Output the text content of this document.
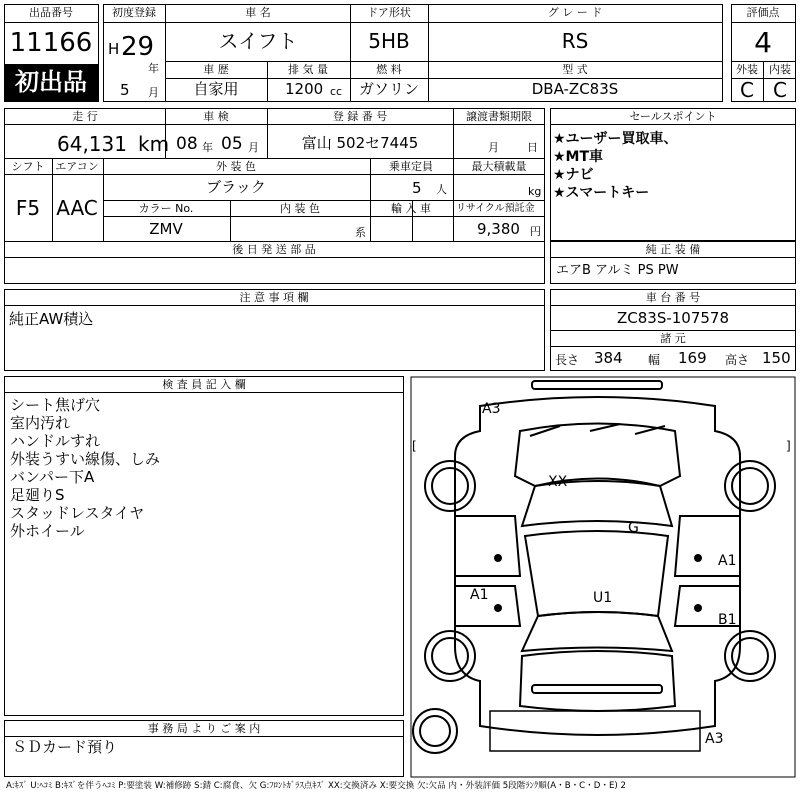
出品番号
11166
初出品
初度登録
H 29
年
5 月
車 名
スイフト
ドア形状
5HB
グ レ ー ド
RS
車 歴
自家用
排 気 量
1200 cc
燃 料
ガソリン
型 式
DBA-ZC83S
評価点
4
外装 内装
C C
走 行
64,131 km
車 検
08 年 05 月
登 録 番 号
富山 502セ7445
譲渡書類期限
月	日
シフト
F5
エアコン
AAC
外 装 色
ブラック
乗車定員
5 人
最大積載量
kg
カラー No.
ZMV
内 装 色
系
輸 入 車	リサイクル預託金
9,380 円
後 日 発 送 部 品
セールスポイント
★ユーザー買取車、
★MT車
★ナビ
★スマートキー
純 正 装 備
エアB アルミ PS PW
注 意 事 項 欄
純正AW積込
車 台 番 号
ZC83S-107578
諸 元
長さ 384 幅 169 高さ 150
検 査 員 記 入 欄
シート焦げ穴
室内汚れ
ハンドルすれ
外装うすい線傷、しみ
バンパー下A
足廻りS
スタッドレスタイヤ
外ホイール
事 務 局 よ り ご 案 内
ＳＤカード預り
A3
XX
G
A1
A1	U1
B1
A3
[	]
A:ｷｽﾞ U:ﾍｺﾐ B:ｷｽﾞを伴うﾍｺﾐ P:要塗装 W:補修跡 S:錆 C:腐食、欠 G:ﾌﾛﾝﾄｶﾞﾗｽ点ｷｽﾞ XX:交換済み X:要交換 欠:欠品 内・外装評価 5段階ﾗﾝｸ順(A・B・C・D・E) 2
